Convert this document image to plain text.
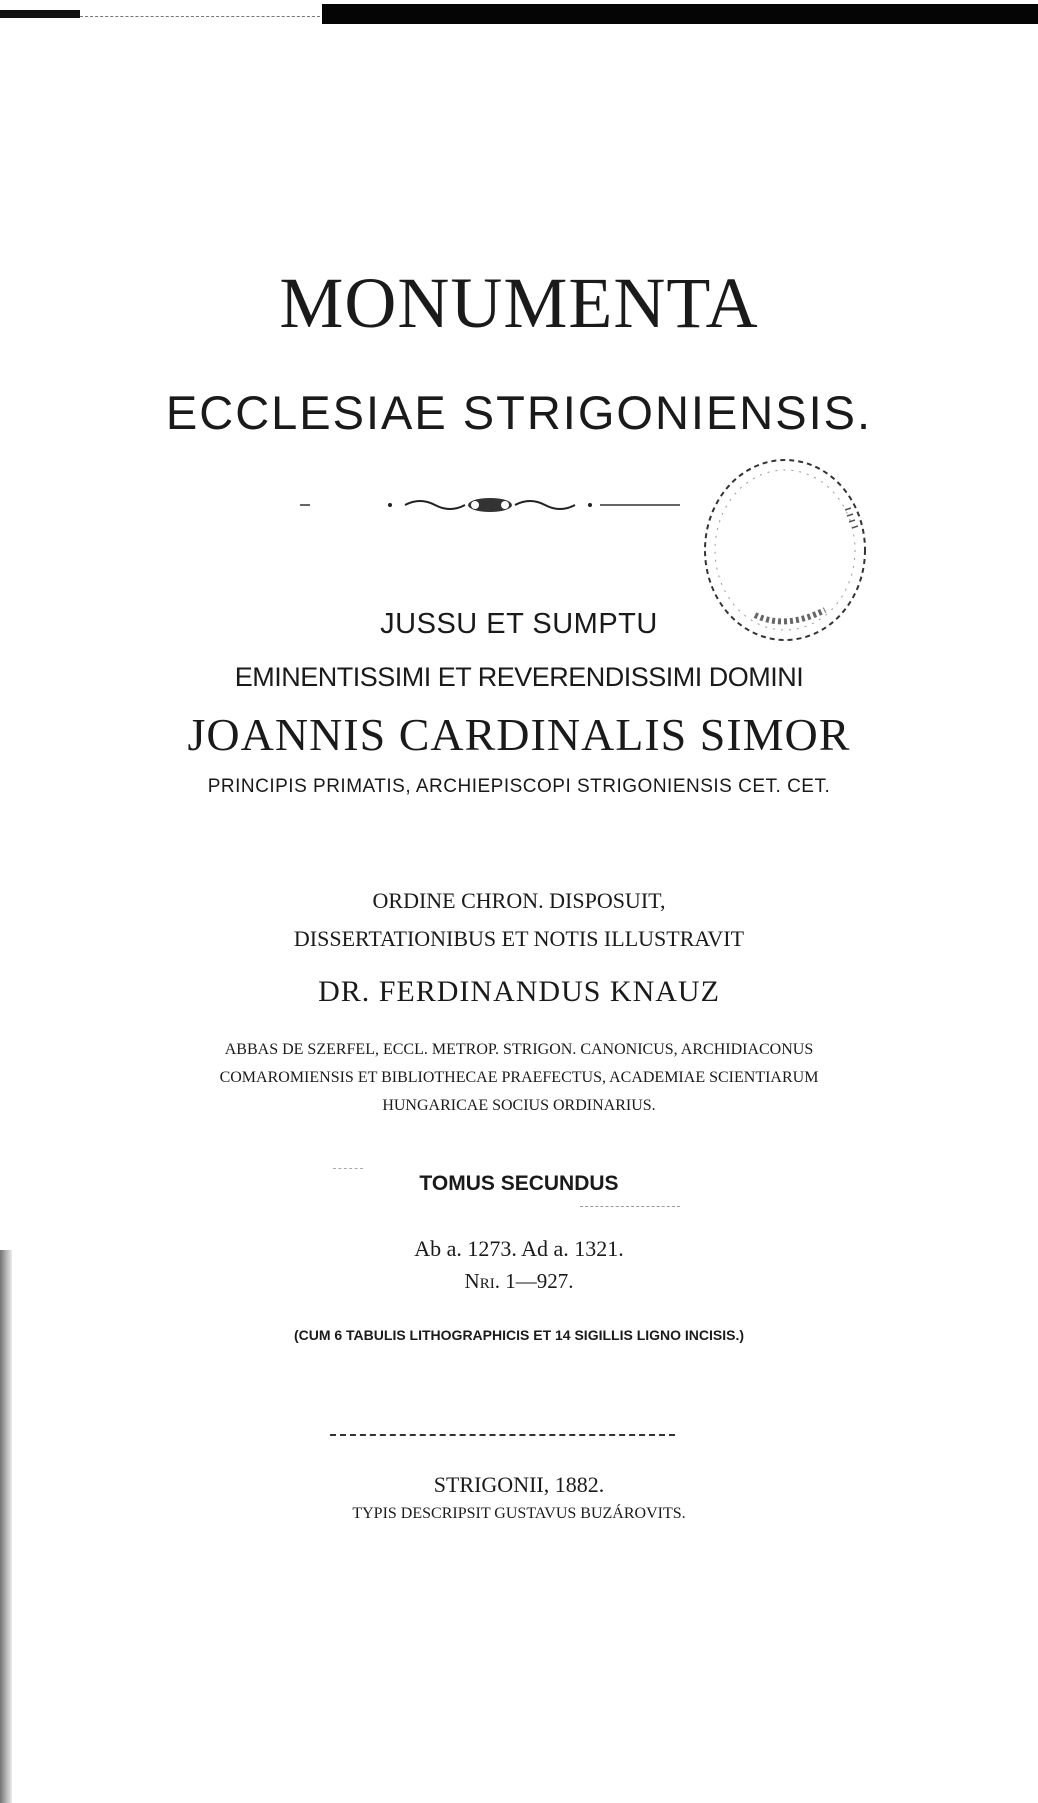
MONUMENTA
ECCLESIAE STRIGONIENSIS.
JUSSU ET SUMPTU
EMINENTISSIMI ET REVERENDISSIMI DOMINI
JOANNIS CARDINALIS SIMOR
PRINCIPIS PRIMATIS, ARCHIEPISCOPI STRIGONIENSIS CET. CET.
ORDINE CHRON. DISPOSUIT,
DISSERTATIONIBUS ET NOTIS ILLUSTRAVIT
DR. FERDINANDUS KNAUZ
ABBAS DE SZERFEL, ECCL. METROP. STRIGON. CANONICUS, ARCHIDIACONUS
COMAROMIENSIS ET BIBLIOTHECAE PRAEFECTUS, ACADEMIAE SCIENTIARUM
HUNGARICAE SOCIUS ORDINARIUS.
TOMUS SECUNDUS
Ab a. 1273. Ad a. 1321.
Nri. 1—927.
(CUM 6 TABULIS LITHOGRAPHICIS ET 14 SIGILLIS LIGNO INCISIS.)
STRIGONII, 1882.
TYPIS DESCRIPSIT GUSTAVUS BUZÁROVITS.
